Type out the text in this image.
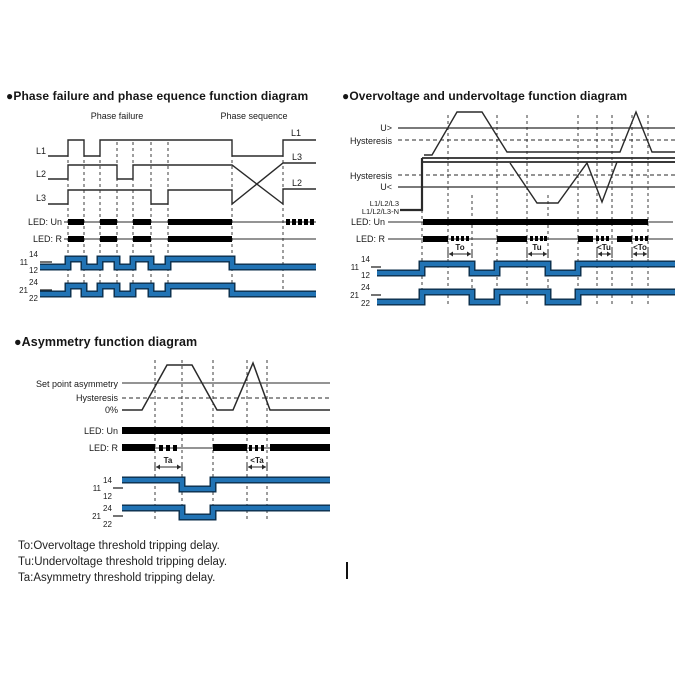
●Phase failure and phase equence function diagram	●Overvoltage and undervoltage function diagram
●Asymmetry function diagram
Phase failure	Phase sequence
L1
L2
L3
L1
L3
L2
LED: Un
LED: R
11
14
12
21
24
22
U>
Hysteresis
Hysteresis
U<
L1/L2/L3
L1/L2/L3-N
LED: Un
LED: R
To	Tu	<Tu	<To
11
14
12
21
24
22
Set point asymmetry
Hysteresis
0%
LED: Un
LED: R
Ta	<Ta
11
14
12
21
24
22
To:Overvoltage threshold tripping delay.
Tu:Undervoltage threshold tripping delay.
Ta:Asymmetry threshold tripping delay.
